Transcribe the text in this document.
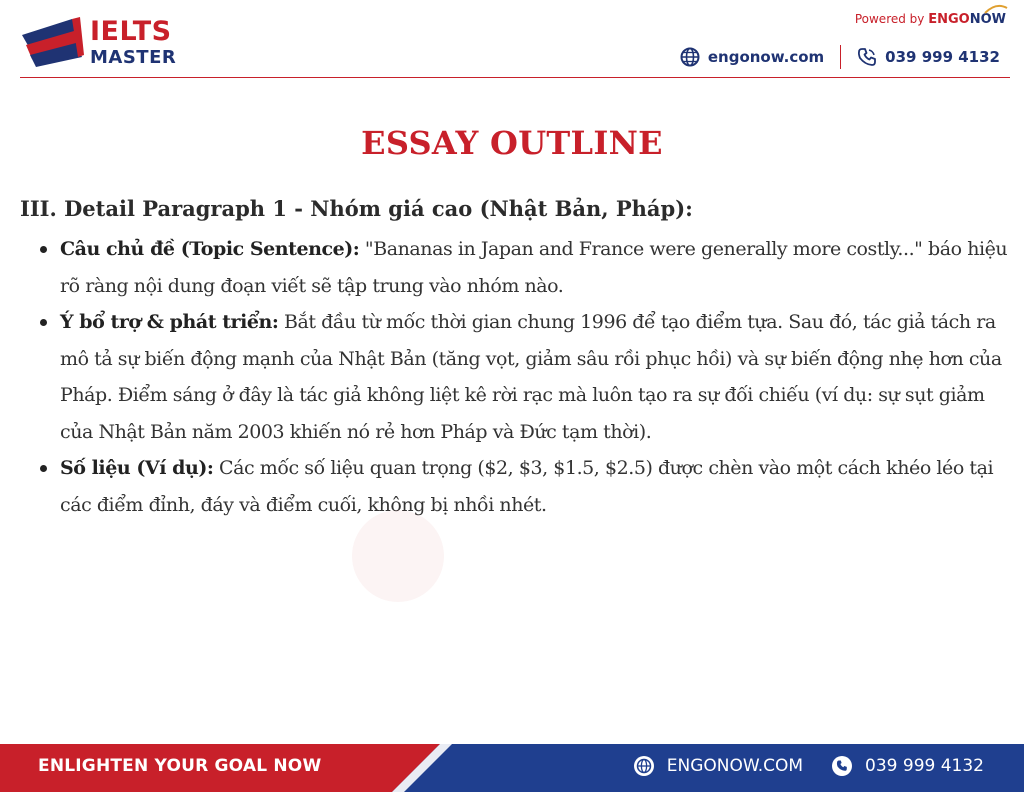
IELTS
MASTER
Powered by ENGONOW
engonow.com	039 999 4132
ESSAY OUTLINE
III. Detail Paragraph 1 - Nhóm giá cao (Nhật Bản, Pháp):
Câu chủ đề (Topic Sentence): "Bananas in Japan and France were generally more costly..." báo hiệu rõ ràng nội dung đoạn viết sẽ tập trung vào nhóm nào.
Ý bổ trợ & phát triển: Bắt đầu từ mốc thời gian chung 1996 để tạo điểm tựa. Sau đó, tác giả tách ra mô tả sự biến động mạnh của Nhật Bản (tăng vọt, giảm sâu rồi phục hồi) và sự biến động nhẹ hơn của Pháp. Điểm sáng ở đây là tác giả không liệt kê rời rạc mà luôn tạo ra sự đối chiếu (ví dụ: sự sụt giảm của Nhật Bản năm 2003 khiến nó rẻ hơn Pháp và Đức tạm thời).
Số liệu (Ví dụ): Các mốc số liệu quan trọng ($2, $3, $1.5, $2.5) được chèn vào một cách khéo léo tại các điểm đỉnh, đáy và điểm cuối, không bị nhồi nhét.
ENLIGHTEN YOUR GOAL NOW	ENGONOW.COM	039 999 4132
